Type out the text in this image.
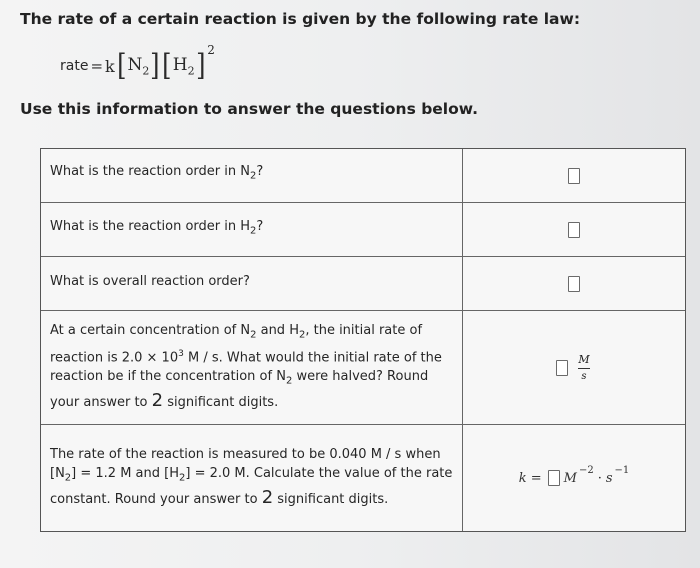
The rate of a certain reaction is given by the following rate law:
rate = k [ $N_2$ ] [ $H_2$ ] 2
Use this information to answer the questions below.
What is the reaction order in $N_2$?
What is the reaction order in $H_2$?
What is overall reaction order?
At a certain concentration of $N_2$ and $H_2$, the initial rate of
reaction is $2.0 \times 10^3$ M / s. What would the initial rate of the
reaction be if the concentration of $N_2$ were halved? Round
your answer to 2 significant digits.
$\frac{M}{s}$
The rate of the reaction is measured to be 0.040 M / s when
$[N_2] = 1.2$ M and $[H_2] = 2.0$ M. Calculate the value of the rate
constant. Round your answer to 2 significant digits.
k = M
−2
· s
−1
